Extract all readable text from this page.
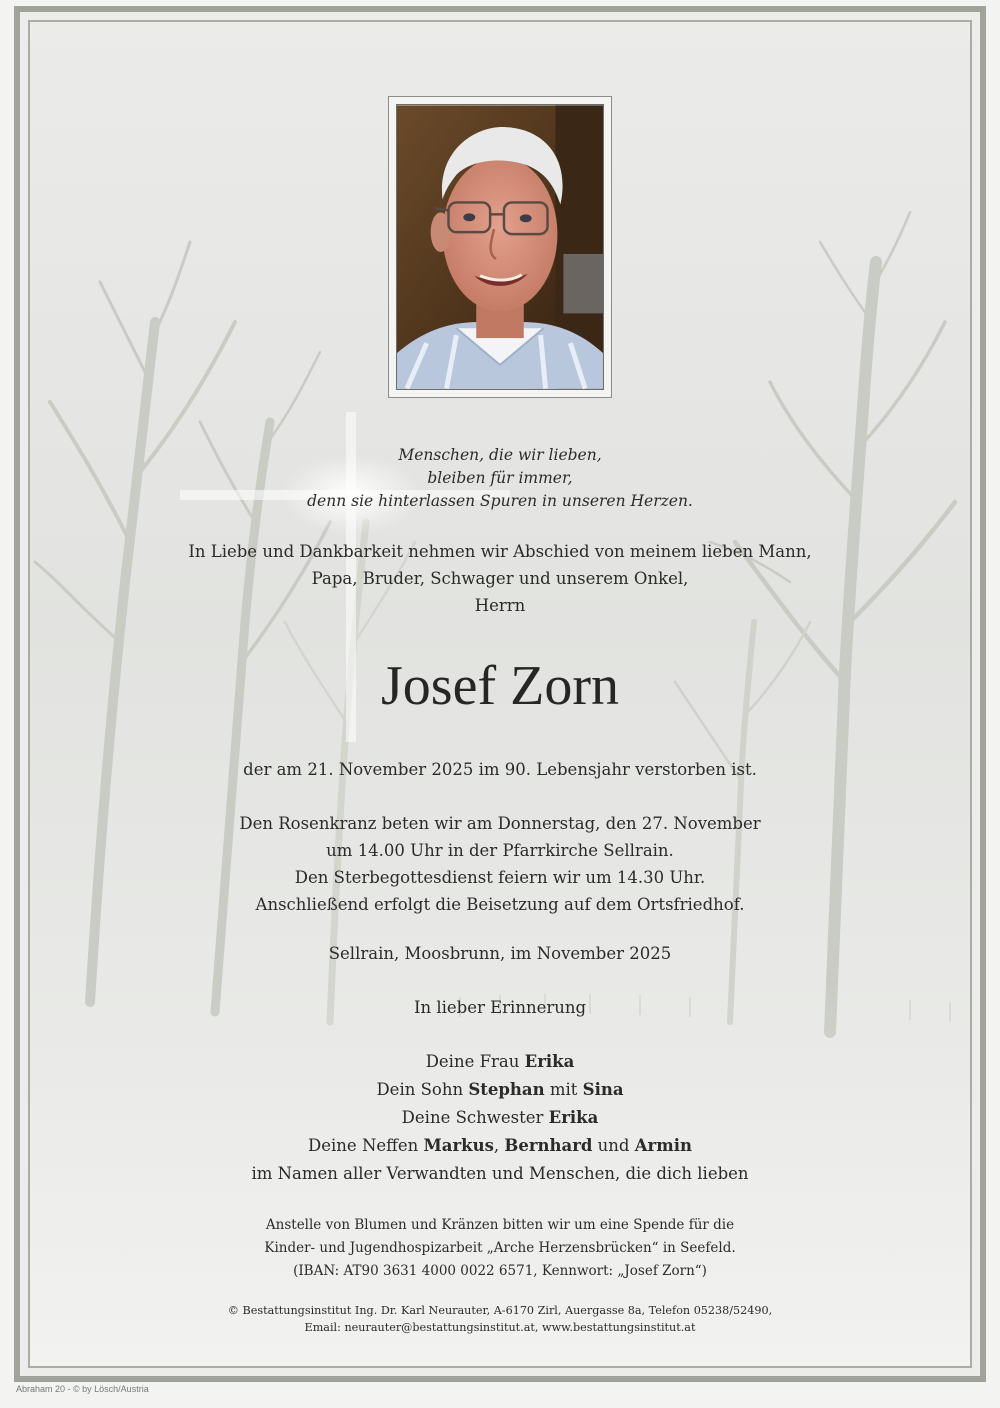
Menschen, die wir lieben,
bleiben für immer,
denn sie hinterlassen Spuren in unseren Herzen.
In Liebe und Dankbarkeit nehmen wir Abschied von meinem lieben Mann,
Papa, Bruder, Schwager und unserem Onkel,
Herrn
Josef Zorn
der am 21. November 2025 im 90. Lebensjahr verstorben ist.
Den Rosenkranz beten wir am Donnerstag, den 27. November
um 14.00 Uhr in der Pfarrkirche Sellrain.
Den Sterbegottesdienst feiern wir um 14.30 Uhr.
Anschließend erfolgt die Beisetzung auf dem Ortsfriedhof.
Sellrain, Moosbrunn, im November 2025
In lieber Erinnerung
Deine Frau Erika
Dein Sohn Stephan mit Sina
Deine Schwester Erika
Deine Neffen Markus, Bernhard und Armin
im Namen aller Verwandten und Menschen, die dich lieben
Anstelle von Blumen und Kränzen bitten wir um eine Spende für die
Kinder- und Jugendhospizarbeit „Arche Herzensbrücken“ in Seefeld.
(IBAN: AT90 3631 4000 0022 6571, Kennwort: „Josef Zorn“)
© Bestattungsinstitut Ing. Dr. Karl Neurauter, A-6170 Zirl, Auergasse 8a, Telefon 05238/52490,
Email: neurauter@bestattungsinstitut.at, www.bestattungsinstitut.at
Abraham 20 - © by Lösch/Austria
